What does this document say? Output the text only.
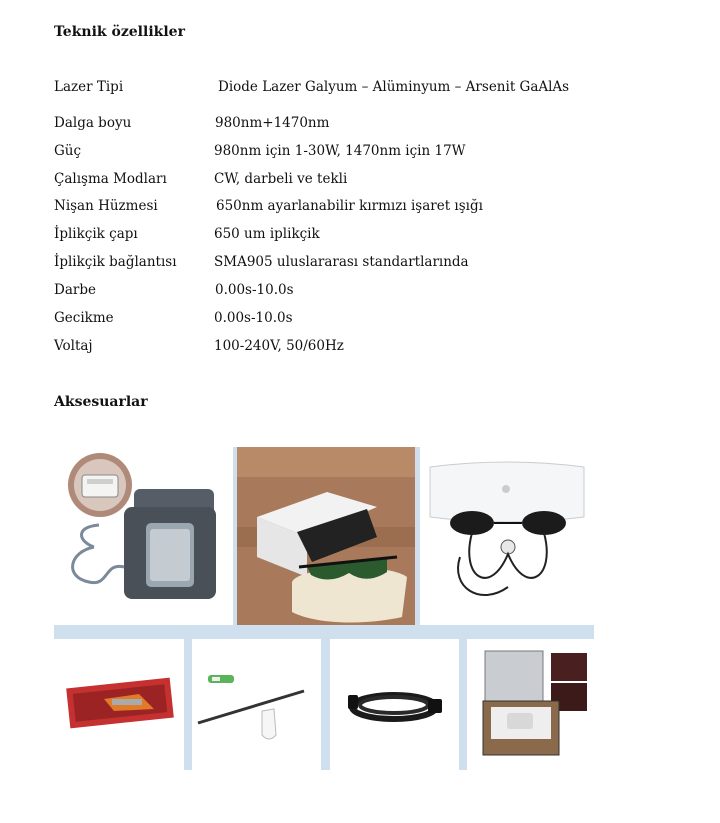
Teknik özellikler
Lazer Tipi	Diode Lazer Galyum – Alüminyum – Arsenit GaAlAs
Dalga boyu	980nm+1470nm
Güç	980nm için 1-30W, 1470nm için 17W
Çalışma Modları	CW, darbeli ve tekli
Nişan Hüzmesi	650nm ayarlanabilir kırmızı işaret ışığı
İplikçik çapı	650 um iplikçik
İplikçik bağlantısı	SMA905 uluslararası standartlarında
Darbe	0.00s-10.0s
Gecikme	0.00s-10.0s
Voltaj	100-240V, 50/60Hz
Aksesuarlar
